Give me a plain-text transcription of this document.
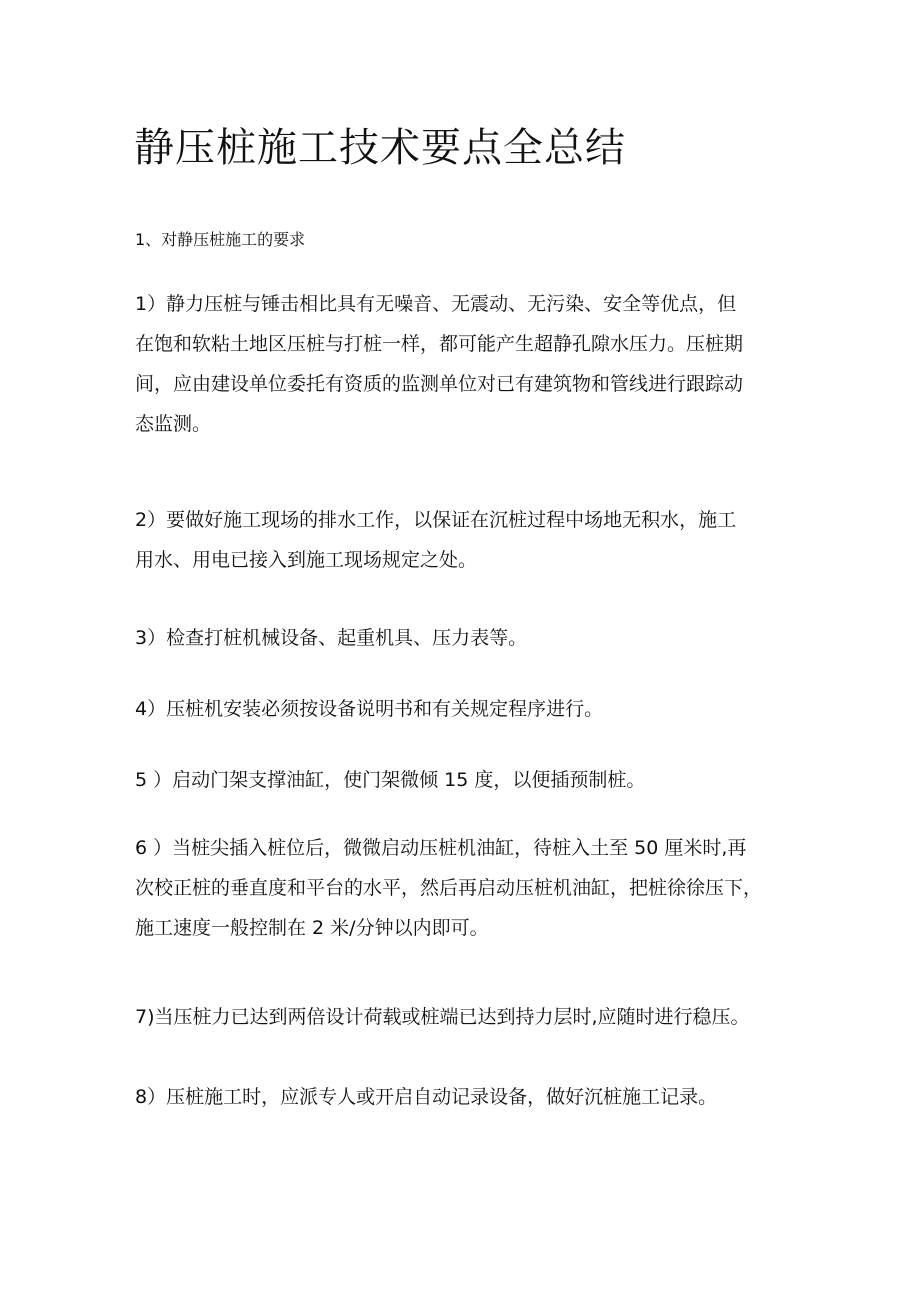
静压桩施工技术要点全总结
1、对静压桩施工的要求

1）静力压桩与锤击相比具有无噪音、无震动、无污染、安全等优点，但
在饱和软粘土地区压桩与打桩一样，都可能产生超静孔隙水压力。压桩期
间，应由建设单位委托有资质的监测单位对已有建筑物和管线进行跟踪动
态监测。

2）要做好施工现场的排水工作，以保证在沉桩过程中场地无积水，施工
用水、用电已接入到施工现场规定之处。

3）检查打桩机械设备、起重机具、压力表等。

4）压桩机安装必须按设备说明书和有关规定程序进行。

5 ）启动门架支撑油缸，使门架微倾 15 度，以便插预制桩。

6 ）当桩尖插入桩位后，微微启动压桩机油缸，待桩入土至 50 厘米时,再
次校正桩的垂直度和平台的水平，然后再启动压桩机油缸，把桩徐徐压下，
施工速度一般控制在 2 米/分钟以内即可。

7)当压桩力已达到两倍设计荷载或桩端已达到持力层时,应随时进行稳压。

8）压桩施工时，应派专人或开启自动记录设备，做好沉桩施工记录。
